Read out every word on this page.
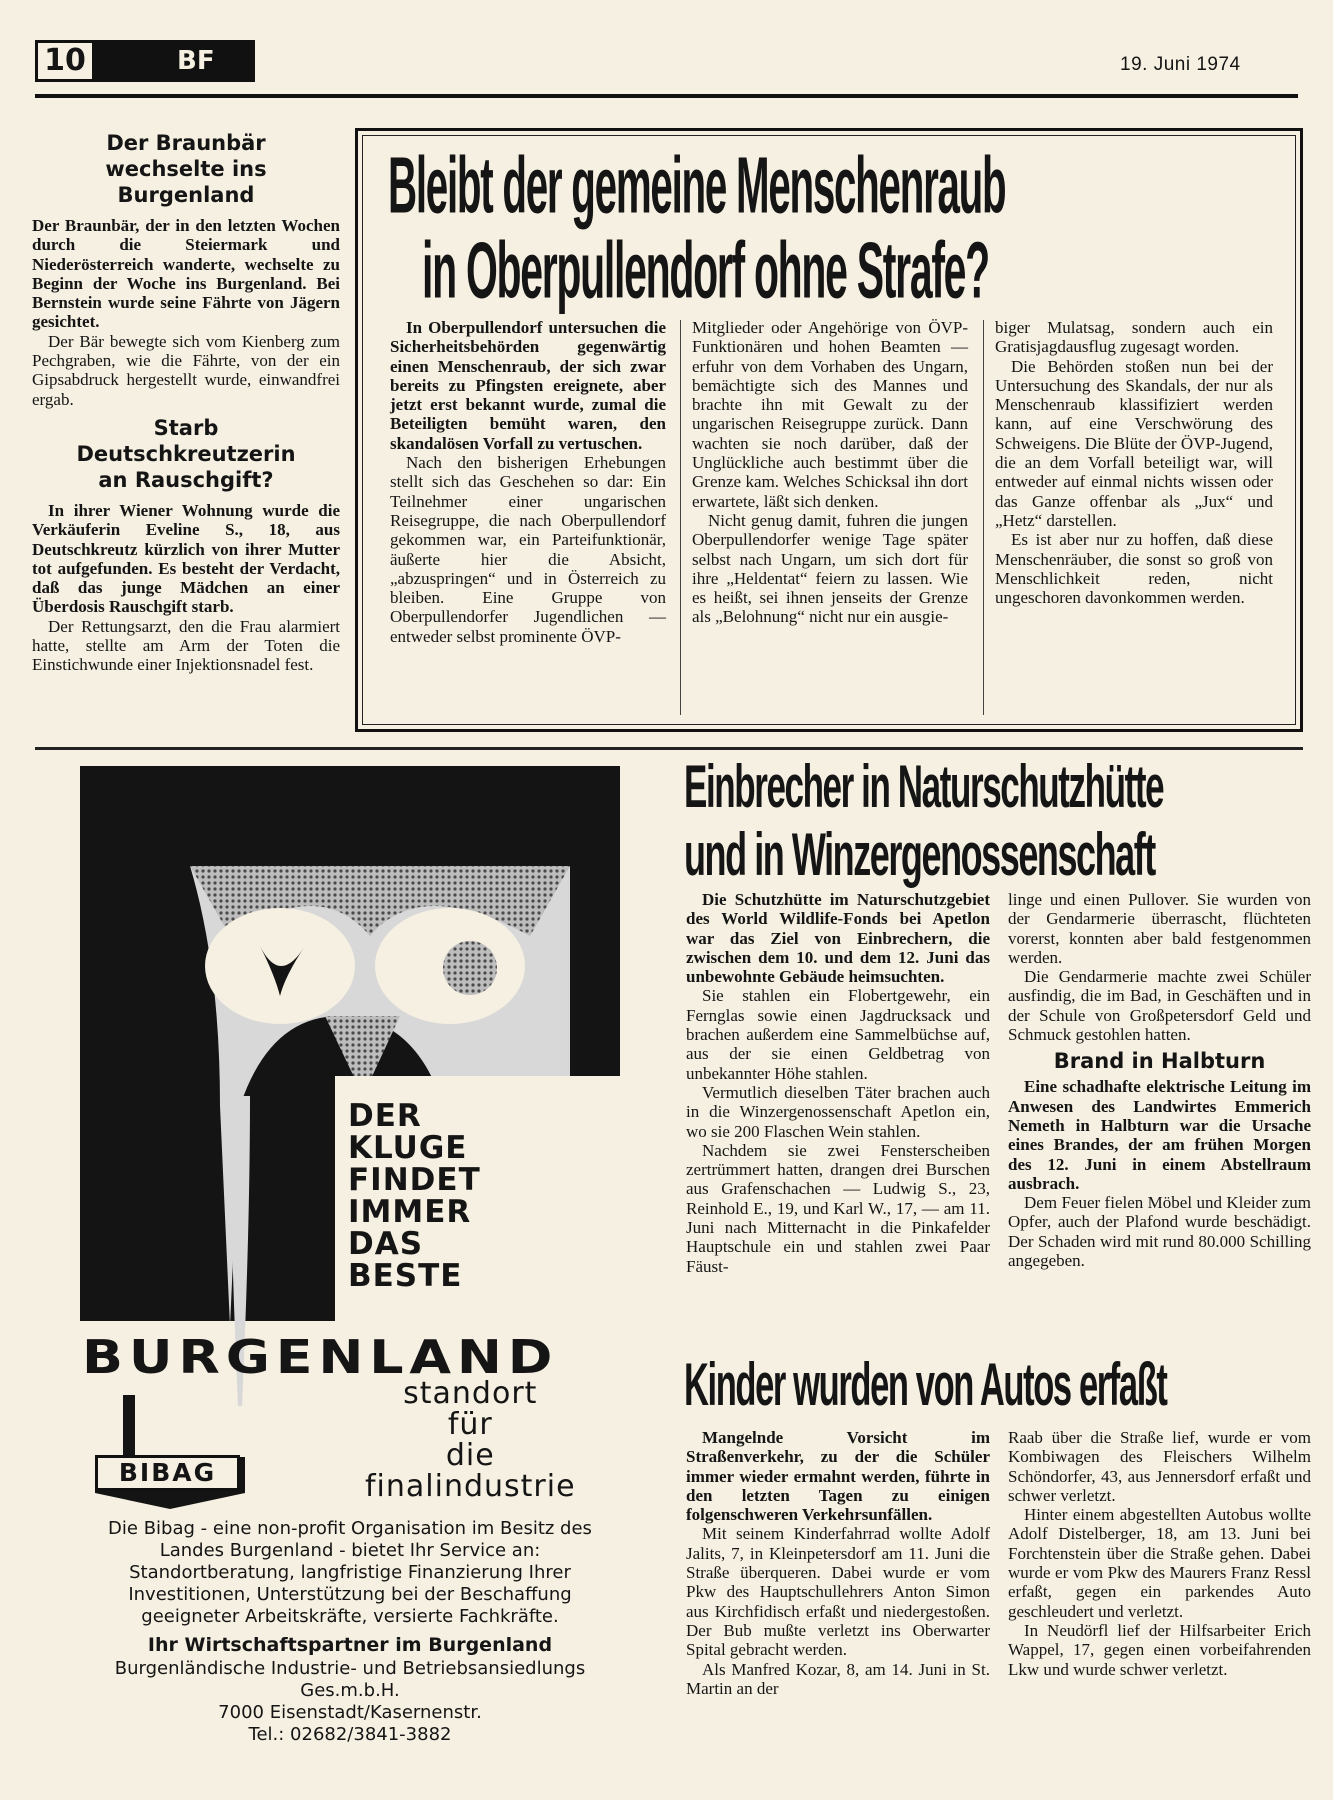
10	BF	19. Juni 1974
Der Braunbär wechselte ins Burgenland

Der Braunbär, der in den letzten Wochen durch die Steiermark und Niederösterreich wanderte, wechselte zu Beginn der Woche ins Burgenland. Bei Bernstein wurde seine Fährte von Jägern gesichtet.

Der Bär bewegte sich vom Kienberg zum Pechgraben, wie die Fährte, von der ein Gipsabdruck hergestellt wurde, einwandfrei ergab.

Starb Deutschkreutzerin an Rauschgift?

In ihrer Wiener Wohnung wurde die Verkäuferin Eveline S., 18, aus Deutschkreutz kürzlich von ihrer Mutter tot aufgefunden. Es besteht der Verdacht, daß das junge Mädchen an einer Überdosis Rauschgift starb.

Der Rettungsarzt, den die Frau alarmiert hatte, stellte am Arm der Toten die Einstichwunde einer Injektionsnadel fest.

Bleibt der gemeine Menschenraub
in Oberpullendorf ohne Strafe?

In Oberpullendorf untersuchen die Sicherheitsbehörden gegenwärtig einen Menschenraub, der sich zwar bereits zu Pfingsten ereignete, aber jetzt erst bekannt wurde, zumal die Beteiligten bemüht waren, den skandalösen Vorfall zu vertuschen.

Nach den bisherigen Erhebungen stellt sich das Geschehen so dar: Ein Teilnehmer einer ungarischen Reisegruppe, die nach Oberpullendorf gekommen war, ein Parteifunktionär, äußerte hier die Absicht, „abzuspringen“ und in Österreich zu bleiben. Eine Gruppe von Oberpullendorfer Jugendlichen — entweder selbst prominente ÖVP-

Mitglieder oder Angehörige von ÖVP-Funktionären und hohen Beamten — erfuhr von dem Vorhaben des Ungarn, bemächtigte sich des Mannes und brachte ihn mit Gewalt zu der ungarischen Reisegruppe zurück. Dann wachten sie noch darüber, daß der Unglückliche auch bestimmt über die Grenze kam. Welches Schicksal ihn dort erwartete, läßt sich denken.

Nicht genug damit, fuhren die jungen Oberpullendorfer wenige Tage später selbst nach Ungarn, um sich dort für ihre „Heldentat“ feiern zu lassen. Wie es heißt, sei ihnen jenseits der Grenze als „Belohnung“ nicht nur ein ausgie-

biger Mulatsag, sondern auch ein Gratisjagdausflug zugesagt worden.

Die Behörden stoßen nun bei der Untersuchung des Skandals, der nur als Menschenraub klassifiziert werden kann, auf eine Verschwörung des Schweigens. Die Blüte der ÖVP-Jugend, die an dem Vorfall beteiligt war, will entweder auf einmal nichts wissen oder das Ganze offenbar als „Jux“ und „Hetz“ darstellen.

Es ist aber nur zu hoffen, daß diese Menschenräuber, die sonst so groß von Menschlichkeit reden, nicht ungeschoren davonkommen werden.

DER
KLUGE
FINDET
IMMER
DAS
BESTE
BURGENLAND
standort
für
die
finalindustrie
BIBAG
Die Bibag - eine non-profit Organisation im Besitz des Landes Burgenland - bietet Ihr Service an: Standortberatung, langfristige Finanzierung Ihrer Investitionen, Unterstützung bei der Beschaffung geeigneter Arbeitskräfte, versierte Fachkräfte.
Ihr Wirtschaftspartner im Burgenland
Burgenländische Industrie- und Betriebsansiedlungs Ges.m.b.H.
7000 Eisenstadt/Kasernenstr.
Tel.: 02682/3841-3882
Einbrecher in Naturschutzhütte
und in Winzergenossenschaft

Die Schutzhütte im Naturschutzgebiet des World Wildlife-Fonds bei Apetlon war das Ziel von Einbrechern, die zwischen dem 10. und dem 12. Juni das unbewohnte Gebäude heimsuchten.

Sie stahlen ein Flobertgewehr, ein Fernglas sowie einen Jagdrucksack und brachen außerdem eine Sammelbüchse auf, aus der sie einen Geldbetrag von unbekannter Höhe stahlen.

Vermutlich dieselben Täter brachen auch in die Winzergenossenschaft Apetlon ein, wo sie 200 Flaschen Wein stahlen.

Nachdem sie zwei Fensterscheiben zertrümmert hatten, drangen drei Burschen aus Grafenschachen — Ludwig S., 23, Reinhold E., 19, und Karl W., 17, — am 11. Juni nach Mitternacht in die Pinkafelder Hauptschule ein und stahlen zwei Paar Fäust-

linge und einen Pullover. Sie wurden von der Gendarmerie überrascht, flüchteten vorerst, konnten aber bald festgenommen werden.

Die Gendarmerie machte zwei Schüler ausfindig, die im Bad, in Geschäften und in der Schule von Großpetersdorf Geld und Schmuck gestohlen hatten.

Brand in Halbturn

Eine schadhafte elektrische Leitung im Anwesen des Landwirtes Emmerich Nemeth in Halbturn war die Ursache eines Brandes, der am frühen Morgen des 12. Juni in einem Abstellraum ausbrach.

Dem Feuer fielen Möbel und Kleider zum Opfer, auch der Plafond wurde beschädigt. Der Schaden wird mit rund 80.000 Schilling angegeben.

Kinder wurden von Autos erfaßt

Mangelnde Vorsicht im Straßenverkehr, zu der die Schüler immer wieder ermahnt werden, führte in den letzten Tagen zu einigen folgenschweren Verkehrsunfällen.

Mit seinem Kinderfahrrad wollte Adolf Jalits, 7, in Kleinpetersdorf am 11. Juni die Straße überqueren. Dabei wurde er vom Pkw des Hauptschullehrers Anton Simon aus Kirchfidisch erfaßt und niedergestoßen. Der Bub mußte verletzt ins Oberwarter Spital gebracht werden.

Als Manfred Kozar, 8, am 14. Juni in St. Martin an der

Raab über die Straße lief, wurde er vom Kombiwagen des Fleischers Wilhelm Schöndorfer, 43, aus Jennersdorf erfaßt und schwer verletzt.

Hinter einem abgestellten Autobus wollte Adolf Distelberger, 18, am 13. Juni bei Forchtenstein über die Straße gehen. Dabei wurde er vom Pkw des Maurers Franz Ressl erfaßt, gegen ein parkendes Auto geschleudert und verletzt.

In Neudörfl lief der Hilfsarbeiter Erich Wappel, 17, gegen einen vorbeifahrenden Lkw und wurde schwer verletzt.
